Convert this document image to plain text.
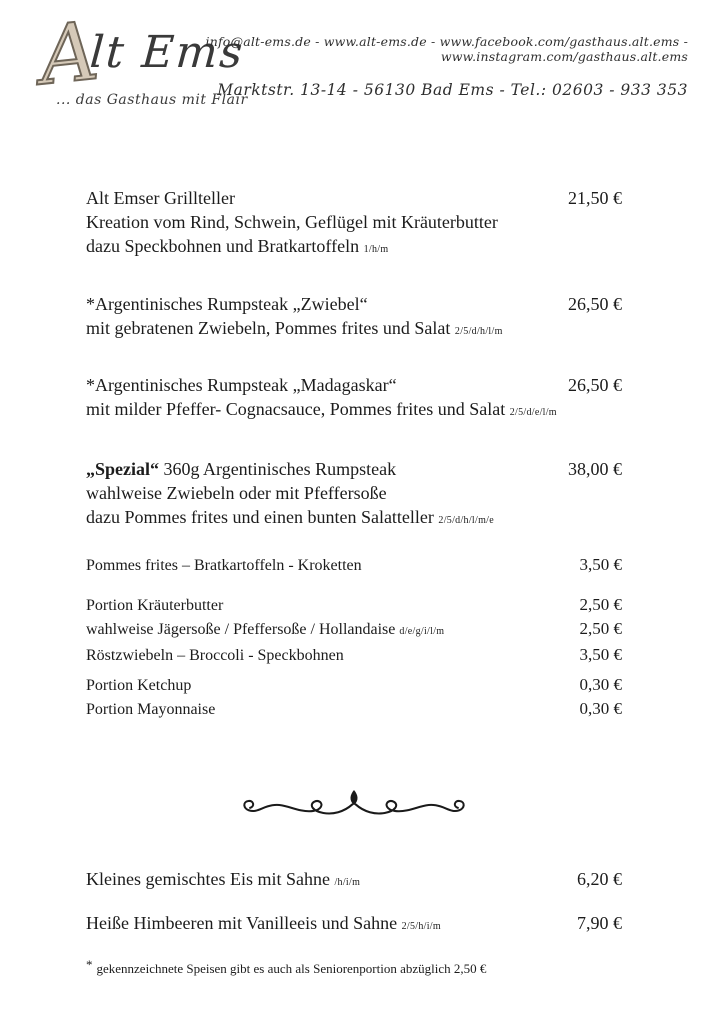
Alt Ems
... das Gasthaus mit Flair
info@alt-ems.de - www.alt-ems.de - www.facebook.com/gasthaus.alt.ems - www.instagram.com/gasthaus.alt.ems
Marktstr. 13-14 - 56130 Bad Ems - Tel.: 02603 - 933 353
Alt Emser Grillteller	21,50 €
Kreation vom Rind, Schwein, Geflügel mit Kräuterbutter
dazu Speckbohnen und Bratkartoffeln 1/h/m
*Argentinisches Rumpsteak „Zwiebel“	26,50 €
mit gebratenen Zwiebeln, Pommes frites und Salat 2/5/d/h/l/m
*Argentinisches Rumpsteak „Madagaskar“	26,50 €
mit milder Pfeffer- Cognacsauce, Pommes frites und Salat 2/5/d/e/l/m
„Spezial“ 360g Argentinisches Rumpsteak	38,00 €
wahlweise Zwiebeln oder mit Pfeffersoße
dazu Pommes frites und einen bunten Salatteller 2/5/d/h/l/m/e
Pommes frites – Bratkartoffeln - Kroketten	3,50 €
Portion Kräuterbutter	2,50 €
wahlweise Jägersoße / Pfeffersoße / Hollandaise d/e/g/i/l/m	2,50 €
Röstzwiebeln – Broccoli - Speckbohnen	3,50 €
Portion Ketchup	0,30 €
Portion Mayonnaise	0,30 €
Kleines gemischtes Eis mit Sahne /h/i/m	6,20 €
Heiße Himbeeren mit Vanilleeis und Sahne 2/5/h/i/m	7,90 €
* gekennzeichnete Speisen gibt es auch als Seniorenportion abzüglich 2,50 €
